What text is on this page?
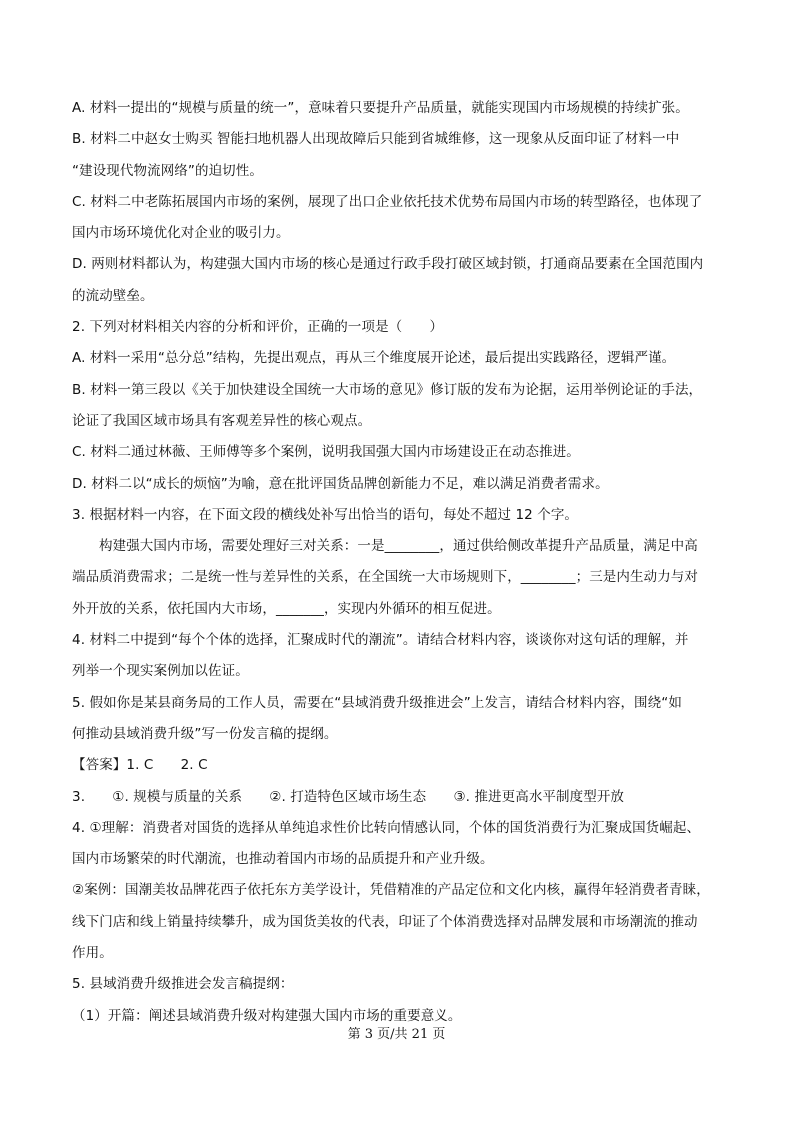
A. 材料一提出的“规模与质量的统一”，意味着只要提升产品质量，就能实现国内市场规模的持续扩张。
B. 材料二中赵女士购买 智能扫地机器人出现故障后只能到省城维修，这一现象从反面印证了材料一中
“建设现代物流网络”的迫切性。
C. 材料二中老陈拓展国内市场的案例，展现了出口企业依托技术优势布局国内市场的转型路径，也体现了
国内市场环境优化对企业的吸引力。
D. 两则材料都认为，构建强大国内市场的核心是通过行政手段打破区域封锁，打通商品要素在全国范围内
的流动壁垒。
2. 下列对材料相关内容的分析和评价，正确的一项是（　　）
A. 材料一采用“总分总”结构，先提出观点，再从三个维度展开论述，最后提出实践路径，逻辑严谨。
B. 材料一第三段以《关于加快建设全国统一大市场的意见》修订版的发布为论据，运用举例论证的手法，
论证了我国区域市场具有客观差异性的核心观点。
C. 材料二通过林薇、王师傅等多个案例，说明我国强大国内市场建设正在动态推进。
D. 材料二以“成长的烦恼”为喻，意在批评国货品牌创新能力不足，难以满足消费者需求。
3. 根据材料一内容，在下面文段的横线处补写出恰当的语句，每处不超过 12 个字。
构建强大国内市场，需要处理好三对关系：一是________，通过供给侧改革提升产品质量，满足中高
端品质消费需求；二是统一性与差异性的关系，在全国统一大市场规则下，________；三是内生动力与对
外开放的关系，依托国内大市场，_______，实现内外循环的相互促进。
4. 材料二中提到“每个个体的选择，汇聚成时代的潮流”。请结合材料内容，谈谈你对这句话的理解，并
列举一个现实案例加以佐证。
5. 假如你是某县商务局的工作人员，需要在“县域消费升级推进会”上发言，请结合材料内容，围绕“如
何推动县域消费升级”写一份发言稿的提纲。
【答案】1. C　　2. C
3.　　①. 规模与质量的关系　　②. 打造特色区域市场生态　　③. 推进更高水平制度型开放
4. ①理解：消费者对国货的选择从单纯追求性价比转向情感认同，个体的国货消费行为汇聚成国货崛起、
国内市场繁荣的时代潮流，也推动着国内市场的品质提升和产业升级。
②案例：国潮美妆品牌花西子依托东方美学设计，凭借精准的产品定位和文化内核，赢得年轻消费者青睐，
线下门店和线上销量持续攀升，成为国货美妆的代表，印证了个体消费选择对品牌发展和市场潮流的推动
作用。
5. 县域消费升级推进会发言稿提纲：
（1）开篇：阐述县域消费升级对构建强大国内市场的重要意义。
第 3 页/共 21 页
